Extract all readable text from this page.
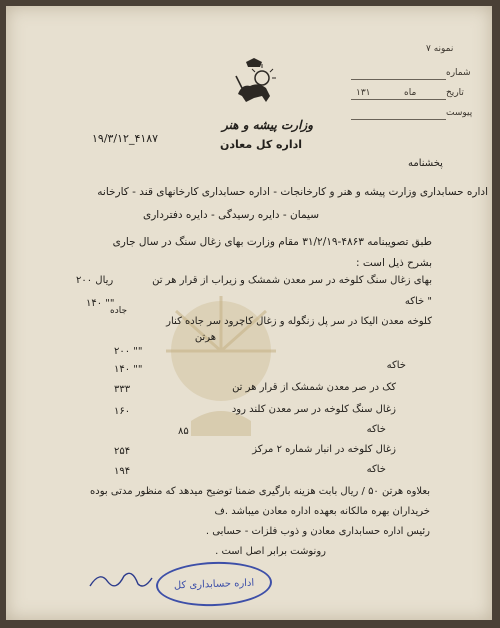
نمونه ۷
شماره
تاریخ
ماه
۱۳۱
پیوست
وزارت پیشه و هنر
اداره کل معادن
۱۹/۳/۱۲_۴۱۸۷
پخشنامه
اداره حسابداری وزارت پیشه و هنر و کارخانجات - اداره حسابداری کارخانهای قند - کارخانه
سیمان - دایره رسیدگی - دایره دفترداری
طبق تصویبنامه ۴۸۶۳-۳۱/۲/۱۹ مقام وزارت بهای زغال سنگ در سال جاری
بشرح ذیل است :
بهای زغال سنگ کلوخه در سر معدن شمشک و زیراب از قرار هر تن
۲۰۰ ریال
" خاکه
۱۴۰ ""
کلوخه معدن الیکا در سر پل زنگوله و زغال کاچرود سر جاده کنار
جاده
هرتن
۲۰۰ ""
خاکه
۱۴۰ ""
کک در صر معدن شمشک از قرار هر تن
۳۳۳
زغال سنگ کلوخه در سر معدن کلند رود
۱۶۰
خاکه
۸۵
زغال کلوخه در انبار شماره ۲ مرکز
۲۵۴
خاکه
۱۹۴
بعلاوه هرتن ۵۰ / ریال بابت هزینه بارگیری ضمنا توضیح میدهد که منظور مدتی بوده
خریداران بهره مالکانه بعهده اداره معادن میباشد .ف
رئیس اداره حسابداری معادن و ذوب فلزات - حسابی .
رونوشت برابر اصل است .
اداره حسابداری کل
